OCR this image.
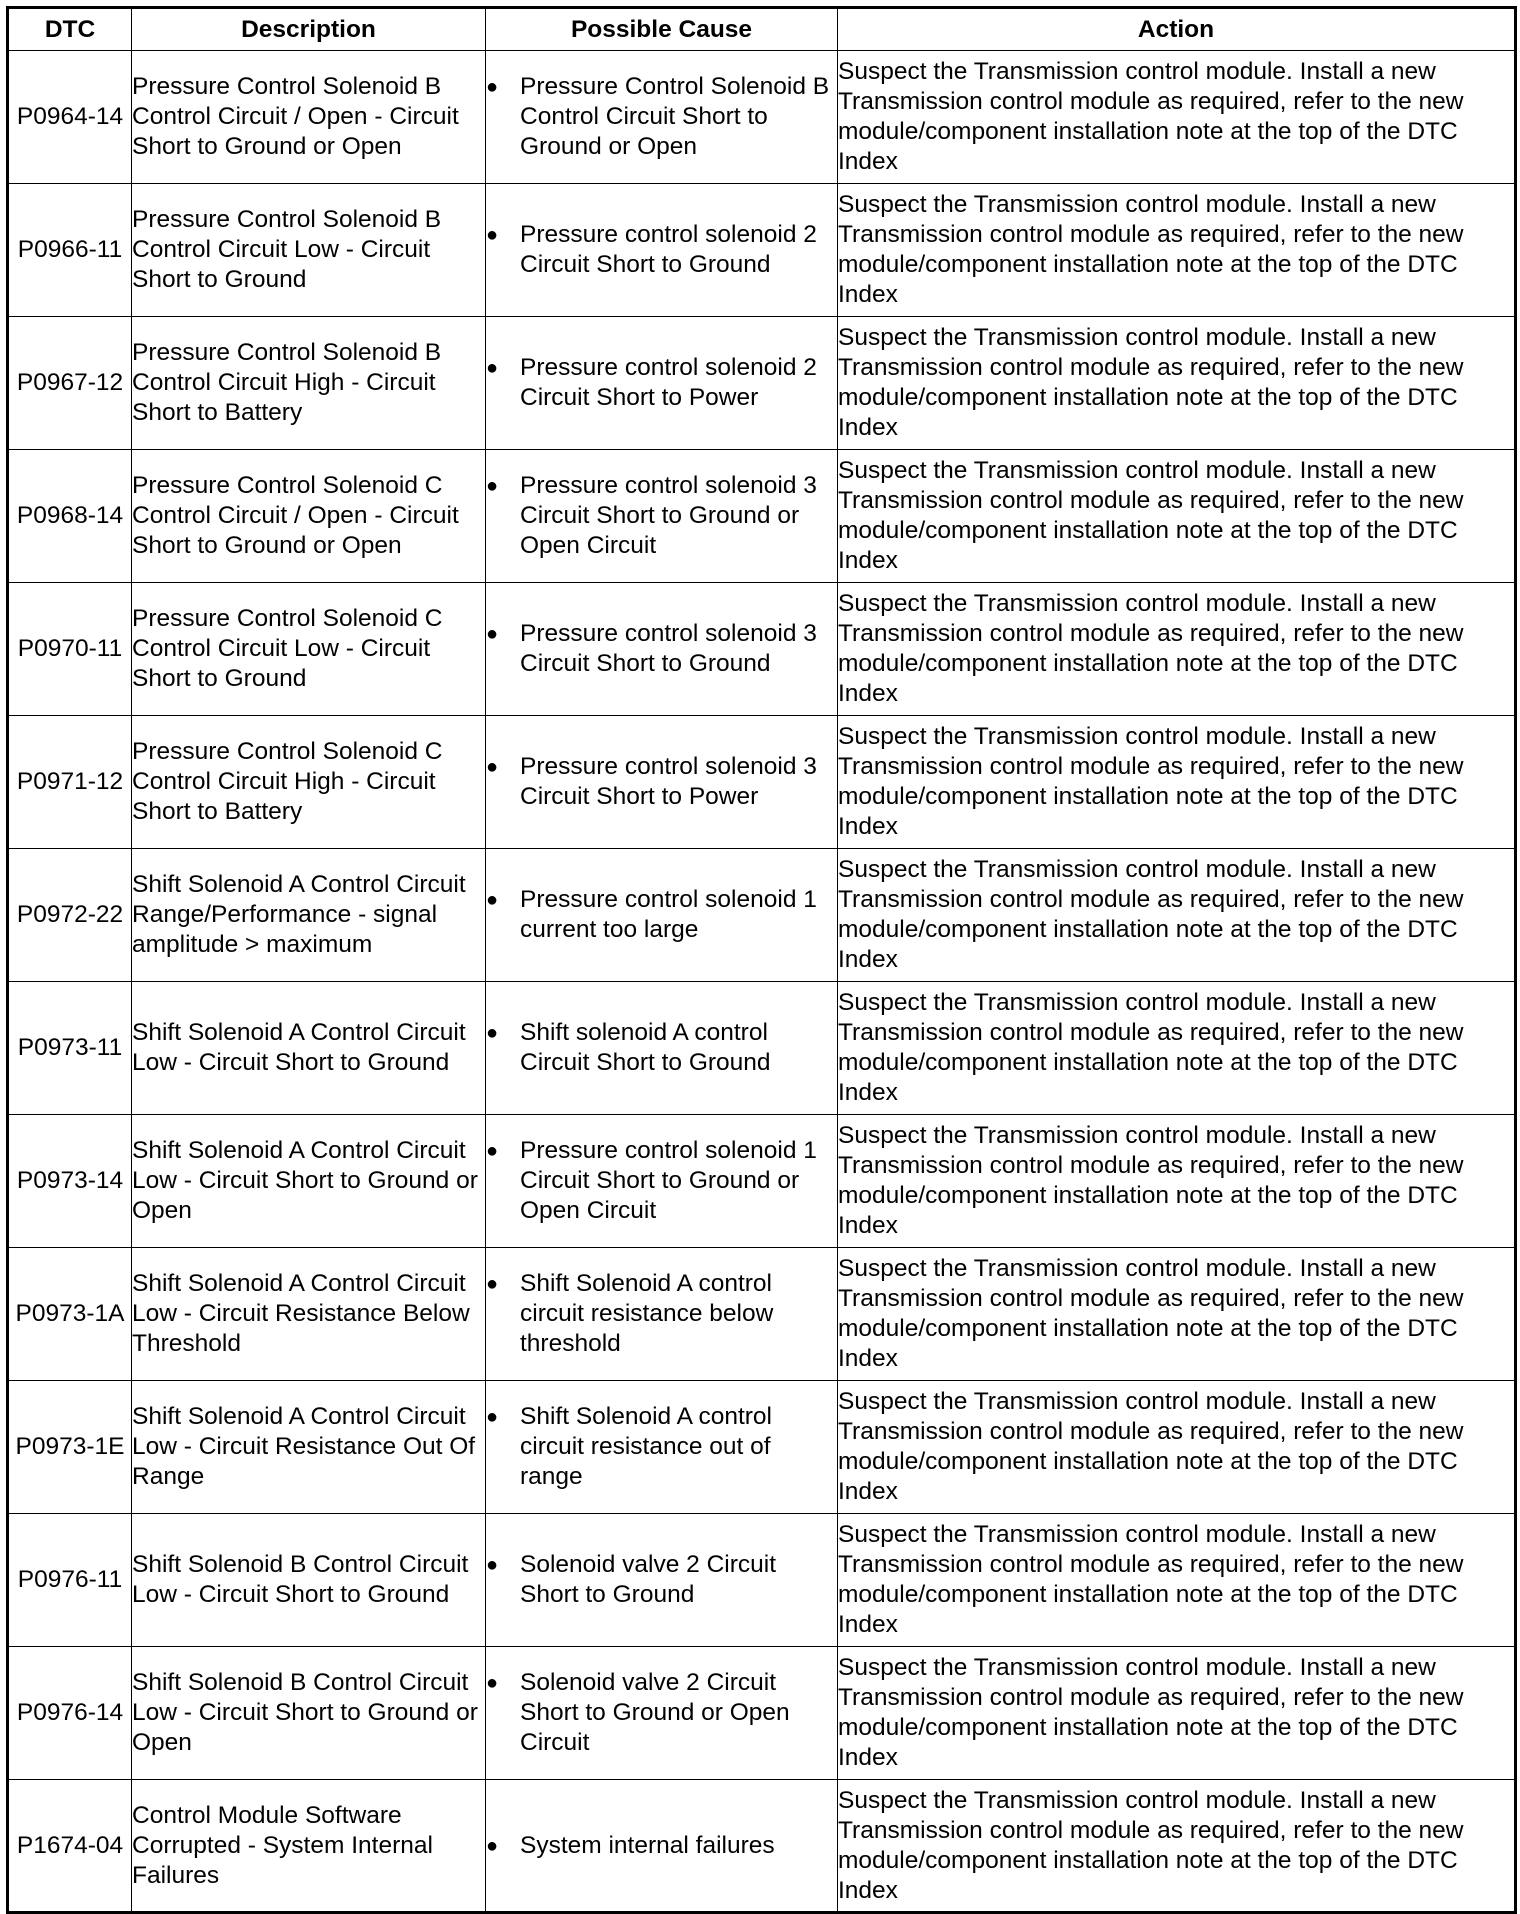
DTC	Description	Possible Cause	Action
P0964-14	Pressure Control Solenoid B Control Circuit / Open - Circuit Short to Ground or Open	● Pressure Control Solenoid B Control Circuit Short to Ground or Open	Suspect the Transmission control module. Install a new Transmission control module as required, refer to the new module/component installation note at the top of the DTC Index
P0966-11	Pressure Control Solenoid B Control Circuit Low - Circuit Short to Ground	● Pressure control solenoid 2 Circuit Short to Ground	Suspect the Transmission control module. Install a new Transmission control module as required, refer to the new module/component installation note at the top of the DTC Index
P0967-12	Pressure Control Solenoid B Control Circuit High - Circuit Short to Battery	● Pressure control solenoid 2 Circuit Short to Power	Suspect the Transmission control module. Install a new Transmission control module as required, refer to the new module/component installation note at the top of the DTC Index
P0968-14	Pressure Control Solenoid C Control Circuit / Open - Circuit Short to Ground or Open	● Pressure control solenoid 3 Circuit Short to Ground or Open Circuit	Suspect the Transmission control module. Install a new Transmission control module as required, refer to the new module/component installation note at the top of the DTC Index
P0970-11	Pressure Control Solenoid C Control Circuit Low - Circuit Short to Ground	● Pressure control solenoid 3 Circuit Short to Ground	Suspect the Transmission control module. Install a new Transmission control module as required, refer to the new module/component installation note at the top of the DTC Index
P0971-12	Pressure Control Solenoid C Control Circuit High - Circuit Short to Battery	● Pressure control solenoid 3 Circuit Short to Power	Suspect the Transmission control module. Install a new Transmission control module as required, refer to the new module/component installation note at the top of the DTC Index
P0972-22	Shift Solenoid A Control Circuit Range/Performance - signal amplitude > maximum	● Pressure control solenoid 1 current too large	Suspect the Transmission control module. Install a new Transmission control module as required, refer to the new module/component installation note at the top of the DTC Index
P0973-11	Shift Solenoid A Control Circuit Low - Circuit Short to Ground	● Shift solenoid A control Circuit Short to Ground	Suspect the Transmission control module. Install a new Transmission control module as required, refer to the new module/component installation note at the top of the DTC Index
P0973-14	Shift Solenoid A Control Circuit Low - Circuit Short to Ground or Open	● Pressure control solenoid 1 Circuit Short to Ground or Open Circuit	Suspect the Transmission control module. Install a new Transmission control module as required, refer to the new module/component installation note at the top of the DTC Index
P0973-1A	Shift Solenoid A Control Circuit Low - Circuit Resistance Below Threshold	● Shift Solenoid A control circuit resistance below threshold	Suspect the Transmission control module. Install a new Transmission control module as required, refer to the new module/component installation note at the top of the DTC Index
P0973-1E	Shift Solenoid A Control Circuit Low - Circuit Resistance Out Of Range	● Shift Solenoid A control circuit resistance out of range	Suspect the Transmission control module. Install a new Transmission control module as required, refer to the new module/component installation note at the top of the DTC Index
P0976-11	Shift Solenoid B Control Circuit Low - Circuit Short to Ground	● Solenoid valve 2 Circuit Short to Ground	Suspect the Transmission control module. Install a new Transmission control module as required, refer to the new module/component installation note at the top of the DTC Index
P0976-14	Shift Solenoid B Control Circuit Low - Circuit Short to Ground or Open	● Solenoid valve 2 Circuit Short to Ground or Open Circuit	Suspect the Transmission control module. Install a new Transmission control module as required, refer to the new module/component installation note at the top of the DTC Index
P1674-04	Control Module Software Corrupted - System Internal Failures	● System internal failures	Suspect the Transmission control module. Install a new Transmission control module as required, refer to the new module/component installation note at the top of the DTC Index
